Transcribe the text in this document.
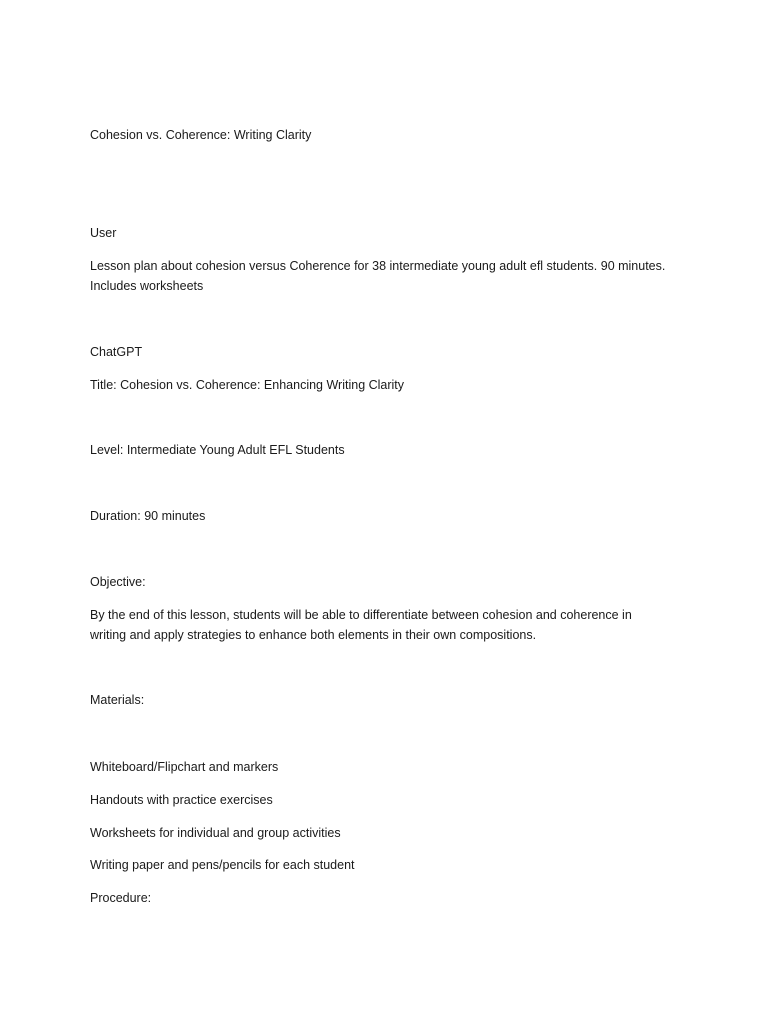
Cohesion vs. Coherence: Writing Clarity

User

Lesson plan about cohesion versus Coherence for 38 intermediate young adult efl students. 90 minutes.
Includes worksheets

ChatGPT

Title: Cohesion vs. Coherence: Enhancing Writing Clarity

Level: Intermediate Young Adult EFL Students

Duration: 90 minutes

Objective:

By the end of this lesson, students will be able to differentiate between cohesion and coherence in
writing and apply strategies to enhance both elements in their own compositions.

Materials:

Whiteboard/Flipchart and markers

Handouts with practice exercises

Worksheets for individual and group activities

Writing paper and pens/pencils for each student

Procedure:
